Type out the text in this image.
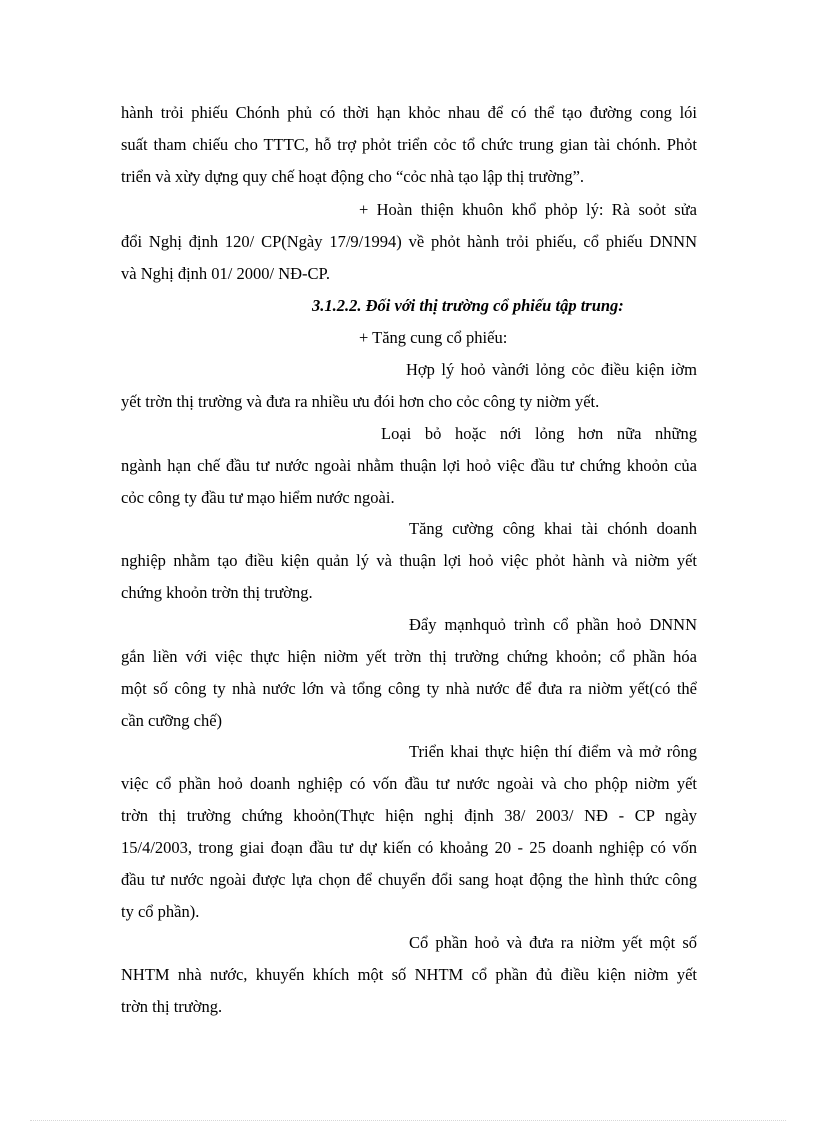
hành trỏi phiếu Chónh phủ có thời hạn khỏc nhau để có thể tạo đường cong lói
suất tham chiếu cho TTTC, hỗ trợ phỏt triển cỏc tổ chức trung gian tài chónh. Phỏt
triển và xừy dựng quy chế hoạt động cho “cỏc nhà tạo lập thị trường”.
+ Hoàn thiện khuôn khổ phỏp lý: Rà soỏt sửa
đổi Nghị định 120/ CP(Ngày 17/9/1994) về phỏt hành trỏi phiếu, cổ phiếu DNNN
và Nghị định 01/ 2000/ NĐ-CP.
3.1.2.2. Đối với thị trường cổ phiếu tập trung:
+ Tăng cung cổ phiếu:
Hợp lý hoỏ vànới lỏng cỏc điều kiện iờm
yết trờn thị trường và đưa ra nhiều ưu đói hơn cho cỏc công ty niờm yết.
Loại bỏ hoặc nới lỏng hơn nữa những
ngành hạn chế đầu tư nước ngoài nhằm thuận lợi hoỏ việc đầu tư chứng khoỏn của
cỏc công ty đầu tư mạo hiểm nước ngoài.
Tăng cường công khai tài chónh doanh
nghiệp nhằm tạo điều kiện quản lý và thuận lợi hoỏ việc phỏt hành và niờm yết
chứng khoỏn trờn thị trường.
Đẩy mạnhquỏ trình cổ phần hoỏ DNNN
gắn liền với việc thực hiện niờm yết trờn thị trường chứng khoỏn; cổ phần hóa
một số công ty nhà nước lớn và tổng công ty nhà nước để đưa ra niờm yết(có thể
cần cưỡng chế)
Triển khai thực hiện thí điểm và mở rông
việc cổ phần hoỏ doanh nghiệp có vốn đầu tư nước ngoài và cho phộp niờm yết
trờn thị trường chứng khoỏn(Thực hiện nghị định 38/ 2003/ NĐ - CP ngày
15/4/2003, trong giai đoạn đầu tư dự kiến có khoảng 20 - 25 doanh nghiệp có vốn
đầu tư nước ngoài được lựa chọn để chuyển đổi sang hoạt động the hình thức công
ty cổ phần).
Cổ phần hoỏ và đưa ra niờm yết một số
NHTM nhà nước, khuyến khích một số NHTM cổ phần đủ điều kiện niờm yết
trờn thị trường.
